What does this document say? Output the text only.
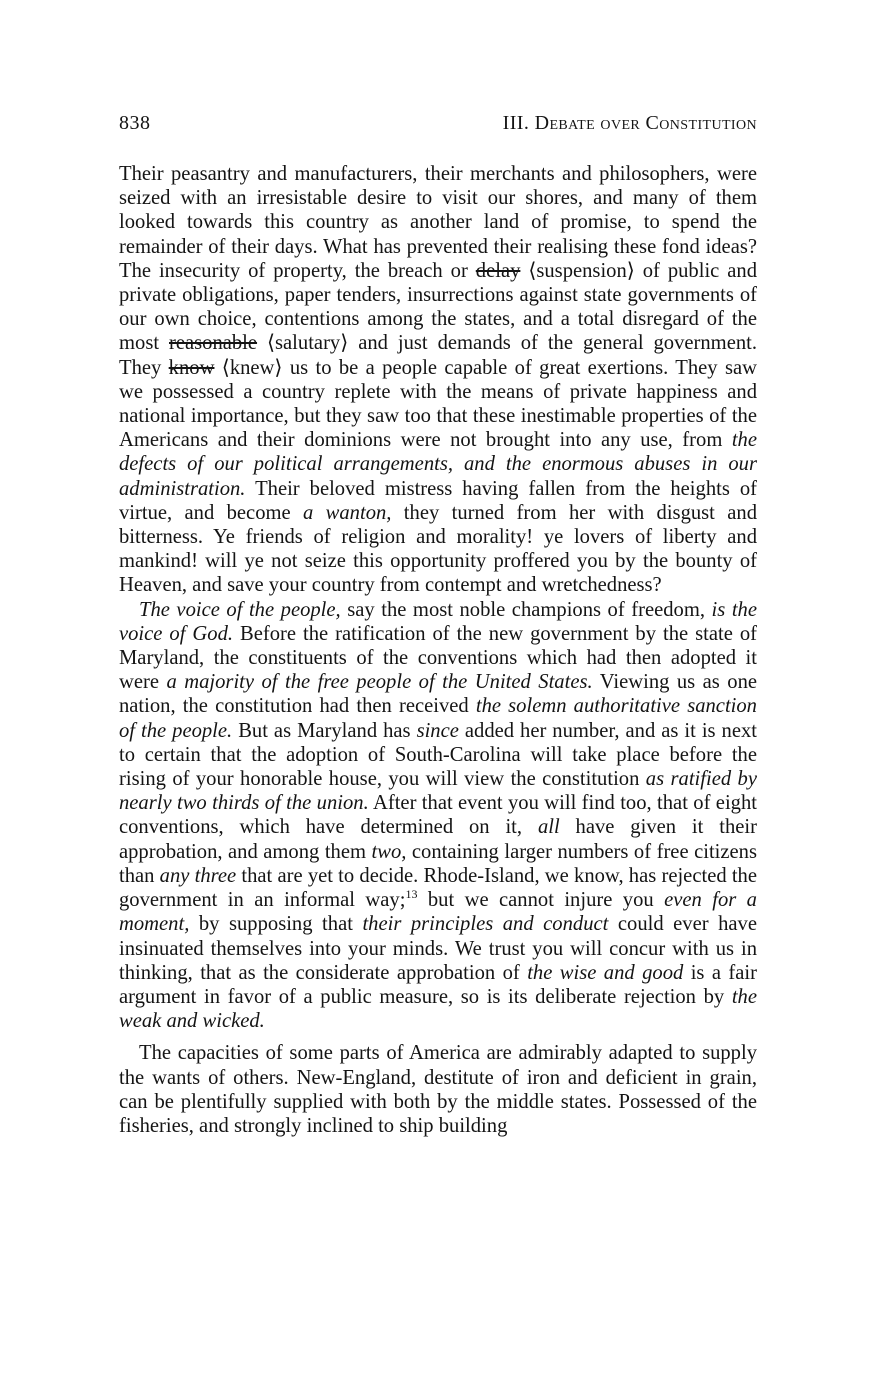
838	III. Debate over Constitution

Their peasantry and manufacturers, their merchants and philosophers, were seized with an irresistable desire to visit our shores, and many of them looked towards this country as another land of promise, to spend the remainder of their days. What has prevented their realising these fond ideas? The insecurity of property, the breach or delay ⟨suspension⟩ of public and private obligations, paper tenders, insurrections against state governments of our own choice, contentions among the states, and a total disregard of the most reasonable ⟨salutary⟩ and just demands of the general government. They know ⟨knew⟩ us to be a people capable of great exertions. They saw we possessed a country replete with the means of private happiness and national importance, but they saw too that these inestimable properties of the Americans and their dominions were not brought into any use, from the defects of our political arrangements, and the enormous abuses in our administration. Their beloved mistress having fallen from the heights of virtue, and become a wanton, they turned from her with disgust and bitterness. Ye friends of religion and morality! ye lovers of liberty and mankind! will ye not seize this opportunity proffered you by the bounty of Heaven, and save your country from contempt and wretchedness?

The voice of the people, say the most noble champions of freedom, is the voice of God. Before the ratification of the new government by the state of Maryland, the constituents of the conventions which had then adopted it were a majority of the free people of the United States. Viewing us as one nation, the constitution had then received the solemn authoritative sanction of the people. But as Maryland has since added her number, and as it is next to certain that the adoption of South-Carolina will take place before the rising of your honorable house, you will view the constitution as ratified by nearly two thirds of the union. After that event you will find too, that of eight conventions, which have determined on it, all have given it their approbation, and among them two, containing larger numbers of free citizens than any three that are yet to decide. Rhode-Island, we know, has rejected the government in an informal way;$^{13}$ but we cannot injure you even for a moment, by supposing that their principles and conduct could ever have insinuated themselves into your minds. We trust you will concur with us in thinking, that as the considerate approbation of the wise and good is a fair argument in favor of a public measure, so is its deliberate rejection by the weak and wicked.

The capacities of some parts of America are admirably adapted to supply the wants of others. New-England, destitute of iron and deficient in grain, can be plentifully supplied with both by the middle states. Possessed of the fisheries, and strongly inclined to ship building
